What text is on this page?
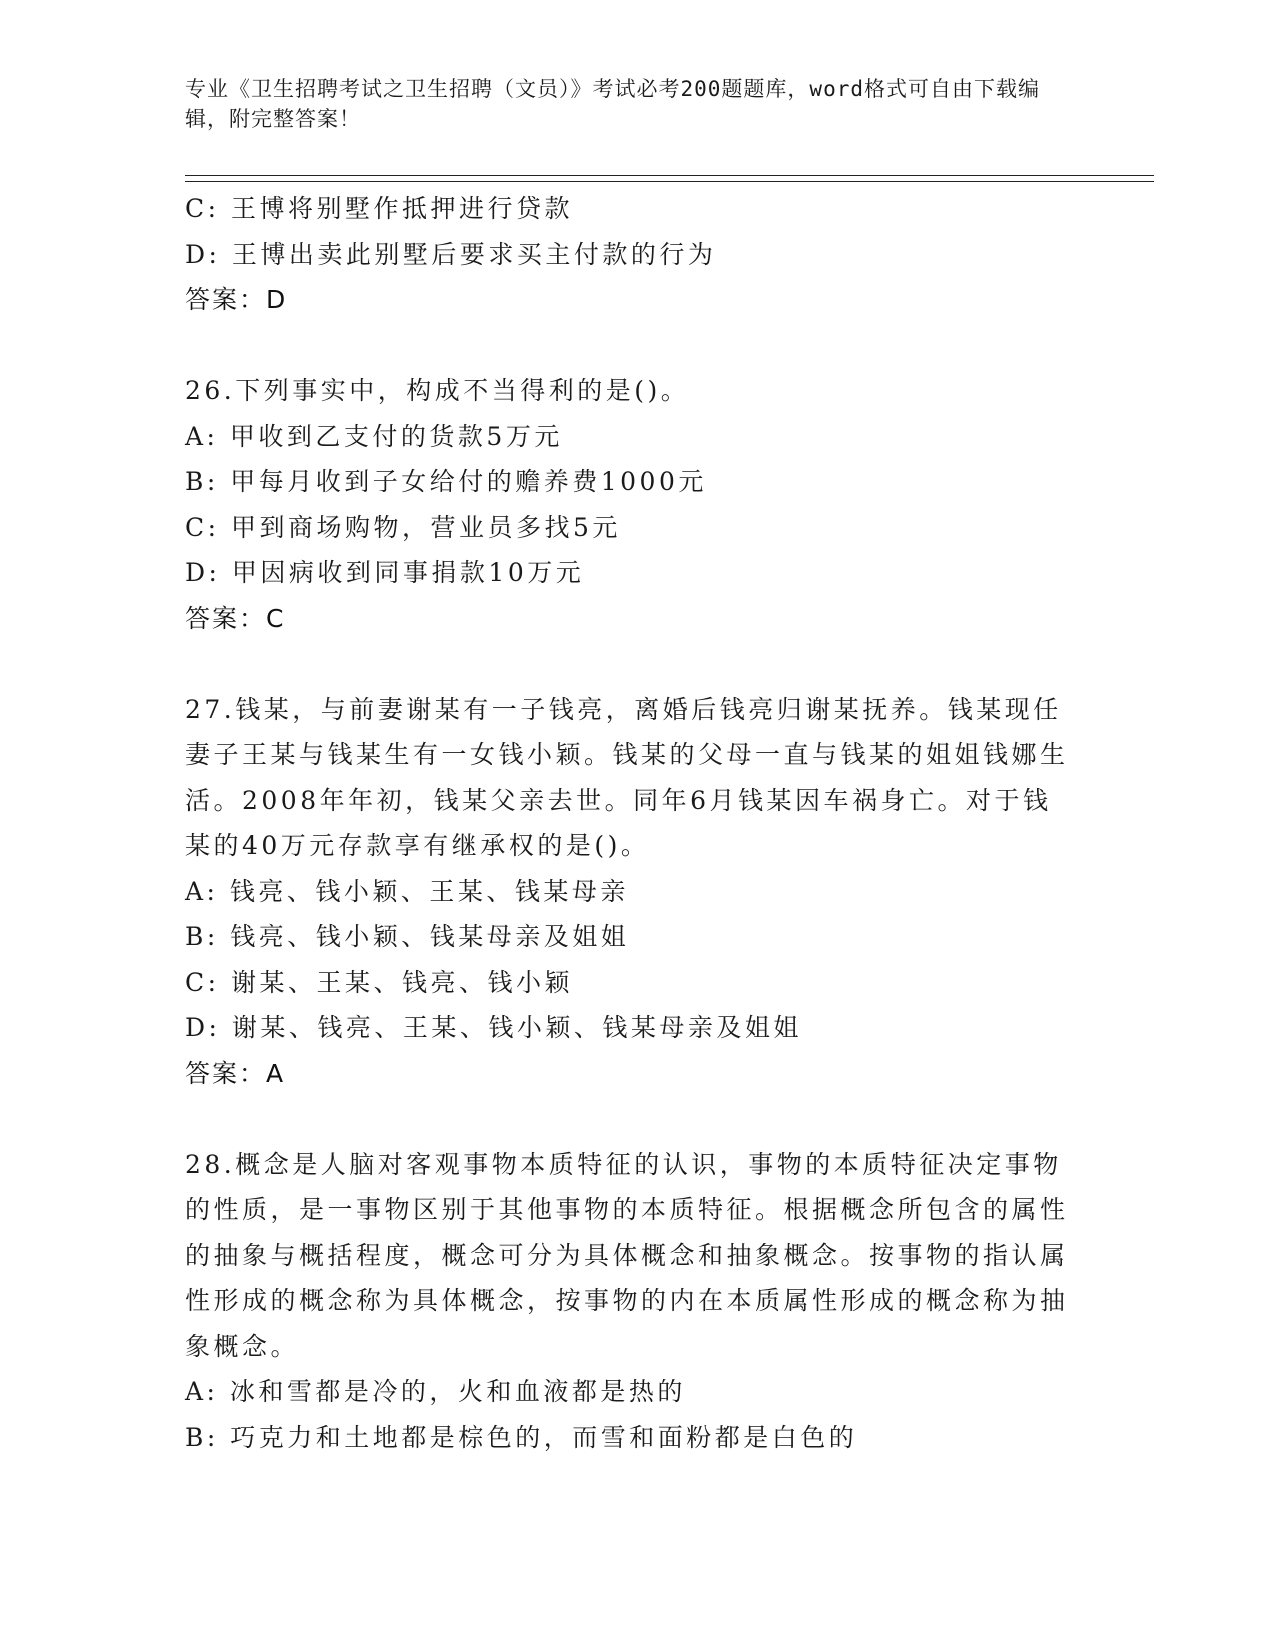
专业《卫生招聘考试之卫生招聘（文员）》考试必考200题题库，word格式可自由下载编辑，附完整答案！
C: 王博将别墅作抵押进行贷款
D: 王博出卖此别墅后要求买主付款的行为
答案：D
26.下列事实中，构成不当得利的是()。
A: 甲收到乙支付的货款5万元
B: 甲每月收到子女给付的赡养费1000元
C: 甲到商场购物，营业员多找5元
D: 甲因病收到同事捐款10万元
答案：C
27.钱某，与前妻谢某有一子钱亮，离婚后钱亮归谢某抚养。钱某现任妻子王某与钱某生有一女钱小颖。钱某的父母一直与钱某的姐姐钱娜生活。2008年年初，钱某父亲去世。同年6月钱某因车祸身亡。对于钱某的40万元存款享有继承权的是()。
A: 钱亮、钱小颖、王某、钱某母亲
B: 钱亮、钱小颖、钱某母亲及姐姐
C: 谢某、王某、钱亮、钱小颖
D: 谢某、钱亮、王某、钱小颖、钱某母亲及姐姐
答案：A
28.概念是人脑对客观事物本质特征的认识，事物的本质特征决定事物的性质，是一事物区别于其他事物的本质特征。根据概念所包含的属性的抽象与概括程度，概念可分为具体概念和抽象概念。按事物的指认属性形成的概念称为具体概念，按事物的内在本质属性形成的概念称为抽象概念。
A: 冰和雪都是冷的，火和血液都是热的
B: 巧克力和土地都是棕色的，而雪和面粉都是白色的
